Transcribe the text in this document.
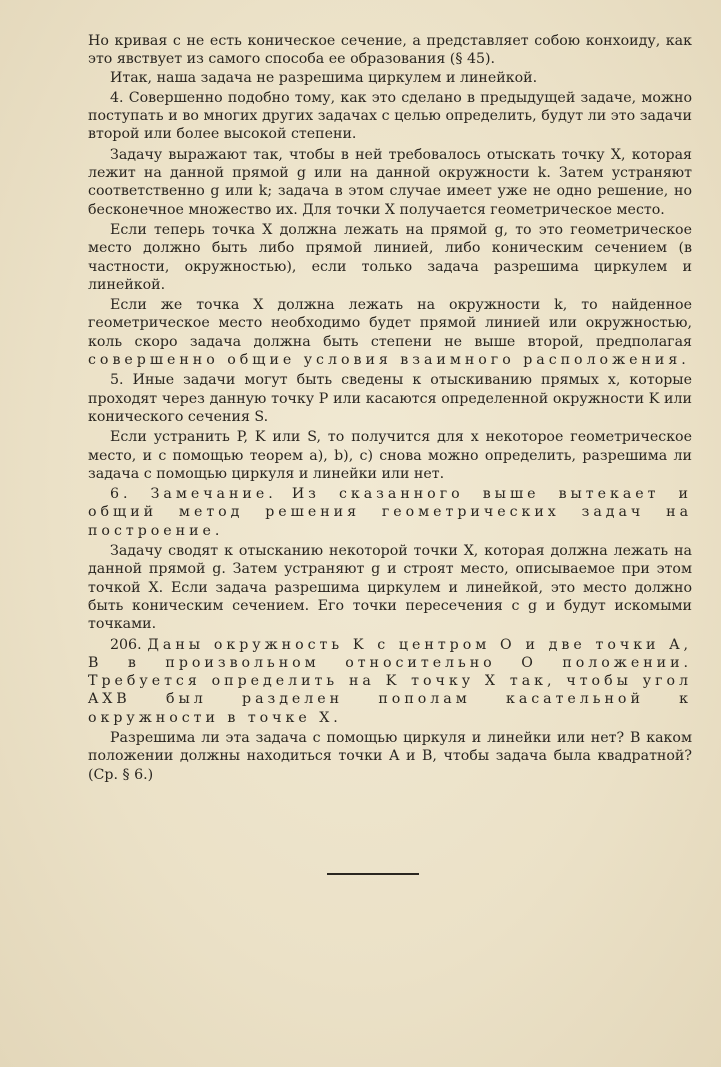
Но кривая c не есть коническое сечение, а представляет собою конхоиду, как это явствует из самого способа ее образования (§ 45).

Итак, наша задача не разрешима циркулем и линейкой.

4. Совершенно подобно тому, как это сделано в предыдущей задаче, можно поступать и во многих других задачах с целью определить, будут ли это задачи второй или более высокой степени.

Задачу выражают так, чтобы в ней требовалось отыскать точку X, которая лежит на данной прямой g или на данной окружности k. Затем устраняют соответственно g или k; задача в этом случае имеет уже не одно решение, но бесконечное множество их. Для точки X получается геометрическое место.

Если теперь точка X должна лежать на прямой g, то это геометрическое место должно быть либо прямой линией, либо коническим сечением (в частности, окружностью), если только задача разрешима циркулем и линейкой.

Если же точка X должна лежать на окружности k, то найденное геометрическое место необходимо будет прямой линией или окружностью, коль скоро задача должна быть степени не выше второй, предполагая совершенно общие условия взаимного расположения.

5. Иные задачи могут быть сведены к отыскиванию прямых x, которые проходят через данную точку P или касаются определенной окружности K или конического сечения S.

Если устранить P, K или S, то получится для x некоторое геометрическое место, и с помощью теорем a), b), c) снова можно определить, разрешима ли задача с помощью циркуля и линейки или нет.

6. Замечание. Из сказанного выше вытекает и общий метод решения геометрических задач на построение.

Задачу сводят к отысканию некоторой точки X, которая должна лежать на данной прямой g. Затем устраняют g и строят место, описываемое при этом точкой X. Если задача разрешима циркулем и линейкой, это место должно быть коническим сечением. Его точки пересечения с g и будут искомыми точками.

206. Даны окружность K с центром O и две точки A, B в произвольном относительно O положении. Требуется определить на K точку X так, чтобы угол AXB был разделен пополам касательной к окружности в точке X.

Разрешима ли эта задача с помощью циркуля и линейки или нет? В каком положении должны находиться точки A и B, чтобы задача была квадратной? (Ср. § 6.)
